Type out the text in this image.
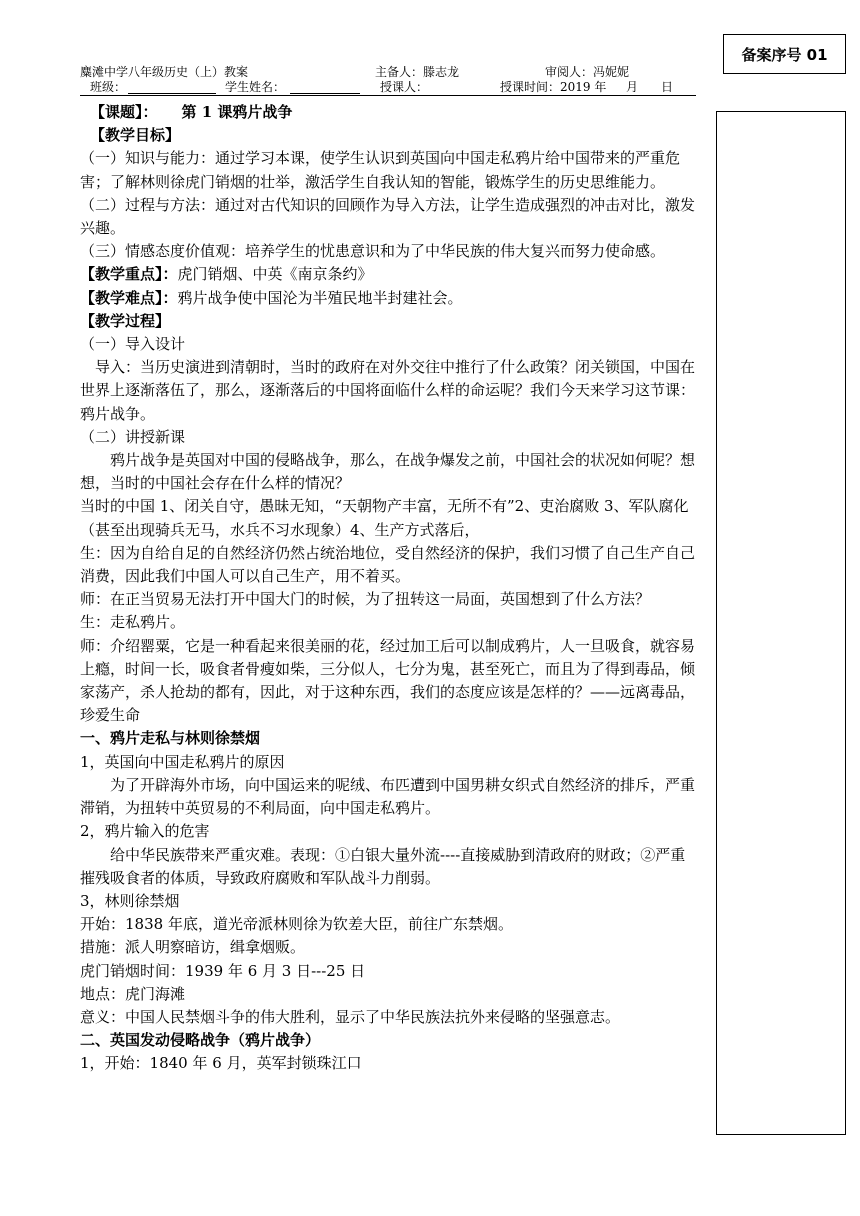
备案序号 01
麋滩中学八年级历史（上）教案	主备人：滕志龙	审阅人：冯妮妮
班级：	学生姓名：	授课人：	授课时间：2019 年 月 日

【课题】： 第 1 课鸦片战争

【教学目标】

（一）知识与能力：通过学习本课，使学生认识到英国向中国走私鸦片给中国带来的严重危害；了解林则徐虎门销烟的壮举，激活学生自我认知的智能，锻炼学生的历史思维能力。

（二）过程与方法：通过对古代知识的回顾作为导入方法，让学生造成强烈的冲击对比，激发兴趣。

（三）情感态度价值观：培养学生的忧患意识和为了中华民族的伟大复兴而努力使命感。

【教学重点】：虎门销烟、中英《南京条约》

【教学难点】：鸦片战争使中国沦为半殖民地半封建社会。

【教学过程】

（一）导入设计

导入：当历史演进到清朝时，当时的政府在对外交往中推行了什么政策？闭关锁国，中国在世界上逐渐落伍了，那么，逐渐落后的中国将面临什么样的命运呢？我们今天来学习这节课：鸦片战争。

（二）讲授新课

鸦片战争是英国对中国的侵略战争，那么，在战争爆发之前，中国社会的状况如何呢？想想，当时的中国社会存在什么样的情况？

当时的中国 1、闭关自守，愚昧无知，“天朝物产丰富，无所不有”2、吏治腐败 3、军队腐化（甚至出现骑兵无马，水兵不习水现象）4、生产方式落后，

生：因为自给自足的自然经济仍然占统治地位，受自然经济的保护，我们习惯了自己生产自己消费，因此我们中国人可以自己生产，用不着买。

师：在正当贸易无法打开中国大门的时候，为了扭转这一局面，英国想到了什么方法？　 生：走私鸦片。

师：介绍罂粟，它是一种看起来很美丽的花，经过加工后可以制成鸦片，人一旦吸食，就容易上瘾，时间一长，吸食者骨瘦如柴，三分似人，七分为鬼，甚至死亡，而且为了得到毒品，倾家荡产，杀人抢劫的都有，因此，对于这种东西，我们的态度应该是怎样的？——远离毒品，珍爱生命

一、鸦片走私与林则徐禁烟

1，英国向中国走私鸦片的原因

为了开辟海外市场，向中国运来的呢绒、布匹遭到中国男耕女织式自然经济的排斥，严重滞销，为扭转中英贸易的不利局面，向中国走私鸦片。

2，鸦片输入的危害

给中华民族带来严重灾难。表现：①白银大量外流----直接威胁到清政府的财政；②严重摧残吸食者的体质，导致政府腐败和军队战斗力削弱。

3，林则徐禁烟

开始：1838 年底，道光帝派林则徐为钦差大臣，前往广东禁烟。

措施：派人明察暗访，缉拿烟贩。

虎门销烟时间：1939 年 6 月 3 日---25 日

地点：虎门海滩

意义：中国人民禁烟斗争的伟大胜利，显示了中华民族法抗外来侵略的坚强意志。

二、英国发动侵略战争（鸦片战争）

1，开始：1840 年 6 月，英军封锁珠江口
